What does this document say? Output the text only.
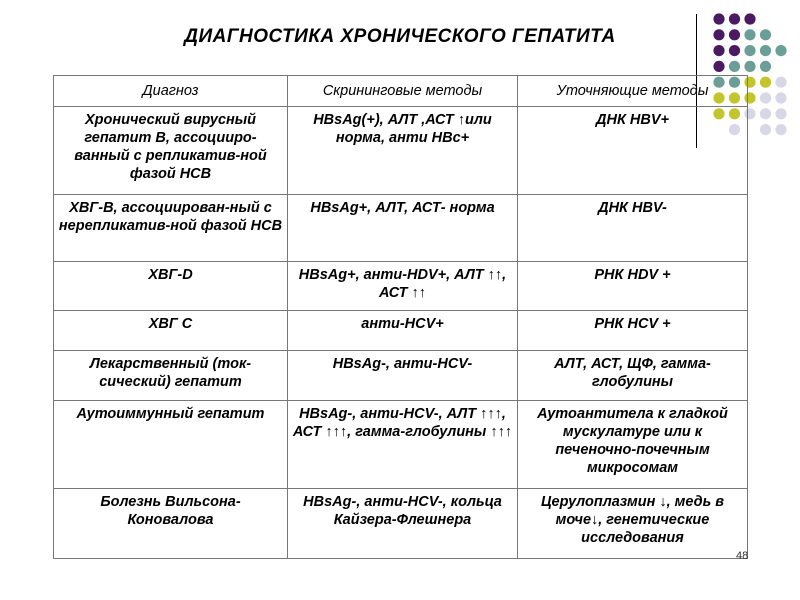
ДИАГНОСТИКА ХРОНИЧЕСКОГО ГЕПАТИТА
Диагноз	Скрининговые методы	Уточняющие методы
Хронический вирусный гепатит В, ассоцииро-ванный с репликатив-ной фазой HCB	HBsAg(+), АЛТ ,АСТ ↑или норма, анти HBc+	ДНК HBV+
ХВГ-В, ассоциирован-ный с нерепликатив-ной фазой HCB	HBsAg+, АЛТ, АСТ- норма	ДНК HBV-
ХВГ-D	HBsAg+, анти-HDV+, АЛТ ↑↑, АСТ ↑↑	РНК HDV +
ХВГ С	анти-HCV+	РНК HCV +
Лекарственный (ток-сический) гепатит	HBsAg-, анти-HCV-	АЛТ, АСТ, ЩФ, гамма-глобулины
Аутоиммунный гепатит	HBsAg-, анти-HCV-, АЛТ ↑↑↑, АСТ ↑↑↑, гамма-глобулины ↑↑↑	Аутоантитела к гладкой мускулатуре или к печеночно-почечным микросомам
Болезнь Вильсона-Коновалова	HBsAg-, анти-HCV-, кольца Кайзера-Флешнера	Церулоплазмин ↓, медь в моче↓, генетические исследования
48
